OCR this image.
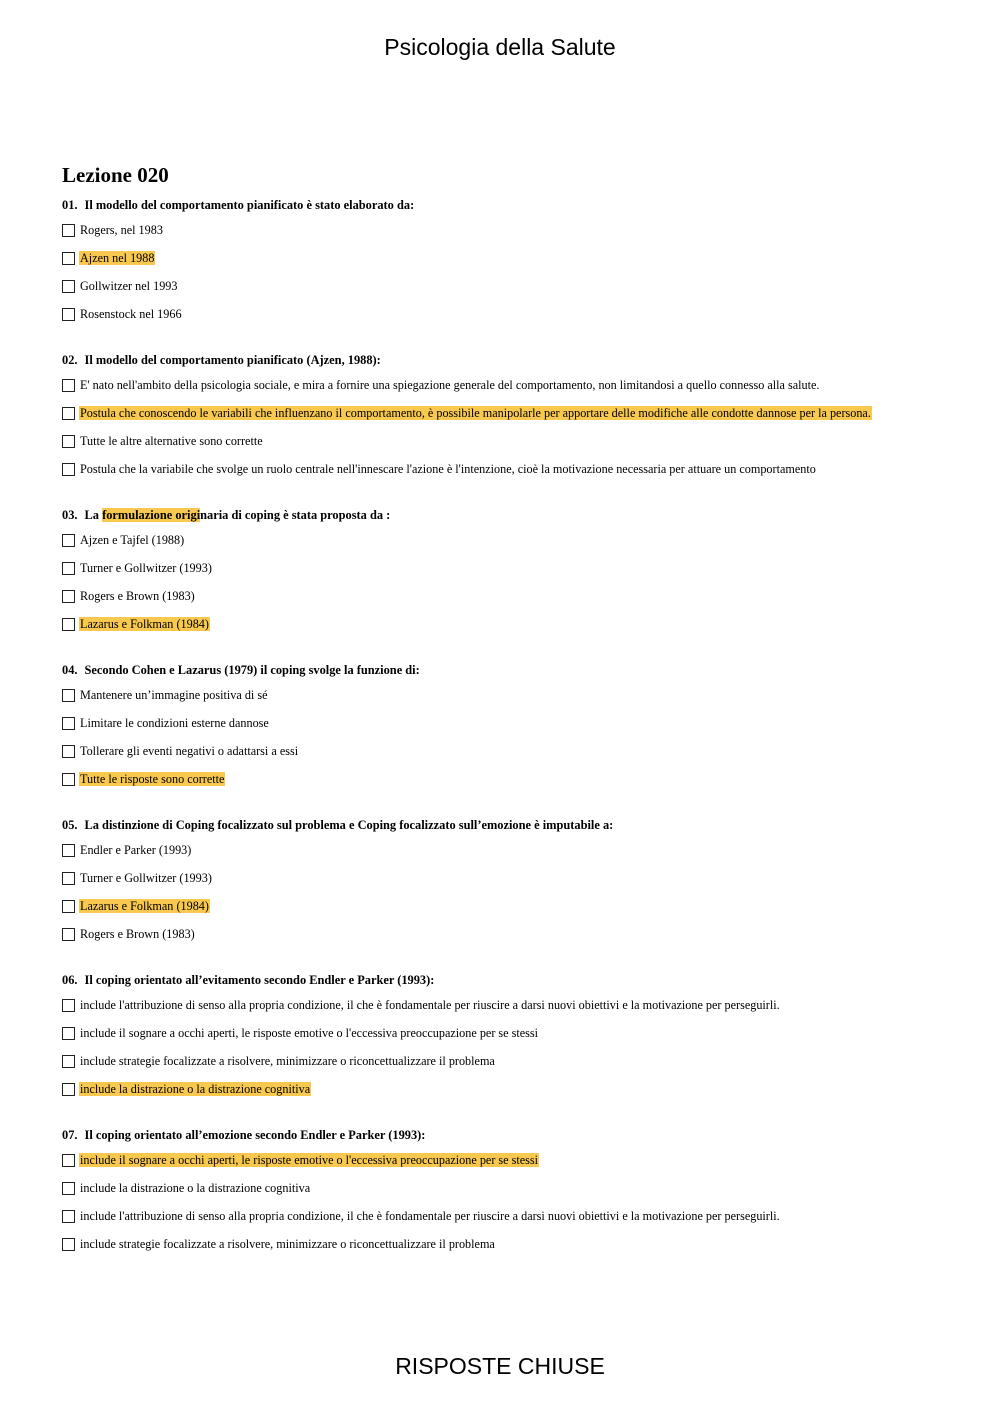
Psicologia della Salute
Lezione 020
01. Il modello del comportamento pianificato è stato elaborato da:
Rogers, nel 1983
Ajzen nel 1988
Gollwitzer nel 1993
Rosenstock nel 1966
02. Il modello del comportamento pianificato (Ajzen, 1988):
E' nato nell'ambito della psicologia sociale, e mira a fornire una spiegazione generale del comportamento, non limitandosi a quello connesso alla salute.
Postula che conoscendo le variabili che influenzano il comportamento, è possibile manipolarle per apportare delle modifiche alle condotte dannose per la persona.
Tutte le altre alternative sono corrette
Postula che la variabile che svolge un ruolo centrale nell'innescare l'azione è l'intenzione, cioè la motivazione necessaria per attuare un comportamento
03. La formulazione originaria di coping è stata proposta da :
Ajzen e Tajfel (1988)
Turner e Gollwitzer (1993)
Rogers e Brown (1983)
Lazarus e Folkman (1984)
04. Secondo Cohen e Lazarus (1979) il coping svolge la funzione di:
Mantenere un’immagine positiva di sé
Limitare le condizioni esterne dannose
Tollerare gli eventi negativi o adattarsi a essi
Tutte le risposte sono corrette
05. La distinzione di Coping focalizzato sul problema e Coping focalizzato sull’emozione è imputabile a:
Endler e Parker (1993)
Turner e Gollwitzer (1993)
Lazarus e Folkman (1984)
Rogers e Brown (1983)
06. Il coping orientato all’evitamento secondo Endler e Parker (1993):
include l'attribuzione di senso alla propria condizione, il che è fondamentale per riuscire a darsi nuovi obiettivi e la motivazione per perseguirli.
include il sognare a occhi aperti, le risposte emotive o l'eccessiva preoccupazione per se stessi
include strategie focalizzate a risolvere, minimizzare o riconcettualizzare il problema
include la distrazione o la distrazione cognitiva
07. Il coping orientato all’emozione secondo Endler e Parker (1993):
include il sognare a occhi aperti, le risposte emotive o l'eccessiva preoccupazione per se stessi
include la distrazione o la distrazione cognitiva
include l'attribuzione di senso alla propria condizione, il che è fondamentale per riuscire a darsi nuovi obiettivi e la motivazione per perseguirli.
include strategie focalizzate a risolvere, minimizzare o riconcettualizzare il problema
RISPOSTE CHIUSE
